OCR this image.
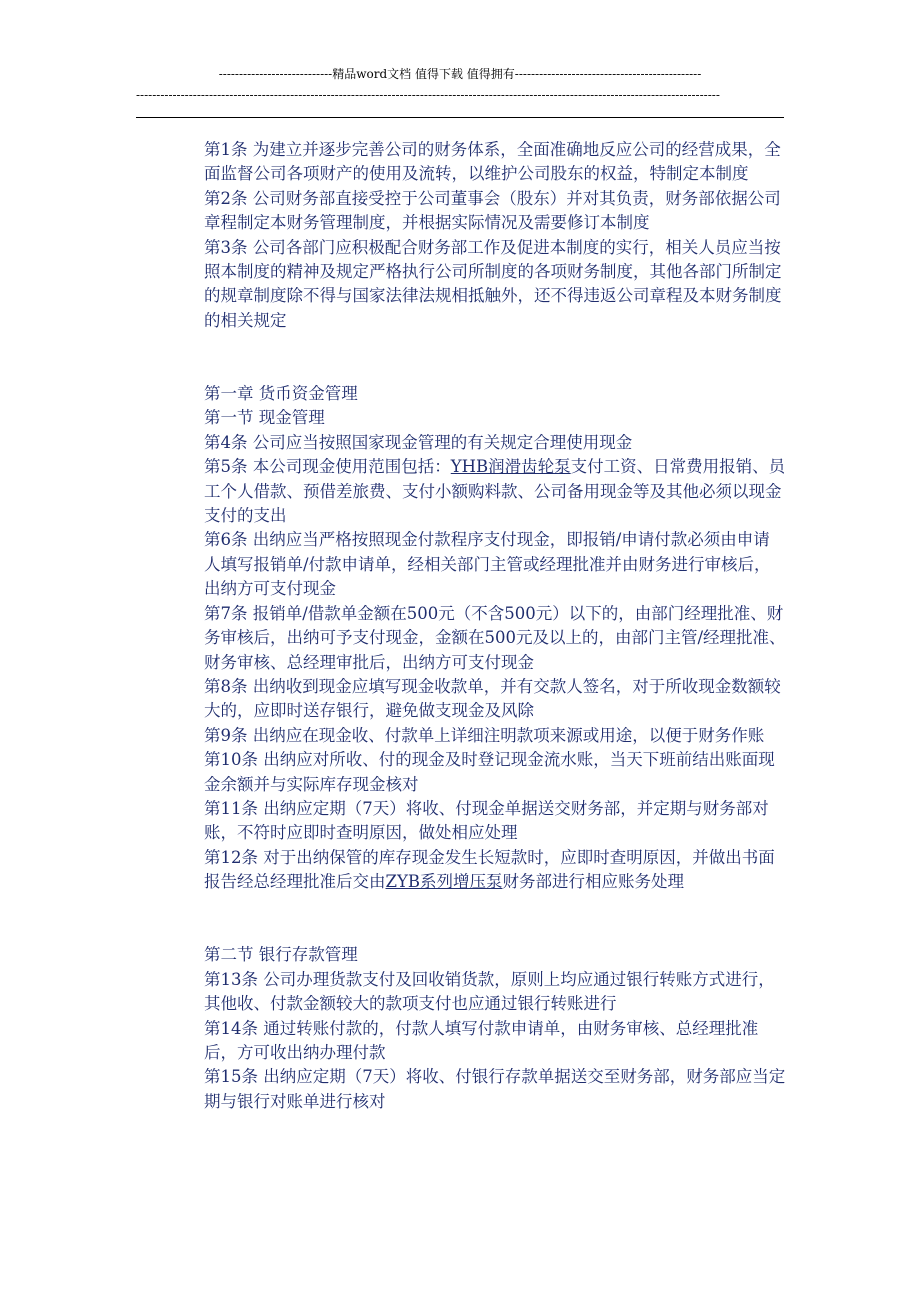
----------------------------精品word文档 值得下载 值得拥有----------------------------------------------
------------------------------------------------------------------------------------------------------------------------------------------------

第1条 为建立并逐步完善公司的财务体系，全面准确地反应公司的经营成果，全面监督公司各项财产的使用及流转，以维护公司股东的权益，特制定本制度

第2条 公司财务部直接受控于公司董事会（股东）并对其负责，财务部依据公司章程制定本财务管理制度，并根据实际情况及需要修订本制度

第3条 公司各部门应积极配合财务部工作及促进本制度的实行，相关人员应当按照本制度的精神及规定严格执行公司所制度的各项财务制度，其他各部门所制定的规章制度除不得与国家法律法规相抵触外，还不得违返公司章程及本财务制度的相关规定

第一章 货币资金管理

第一节 现金管理

第4条 公司应当按照国家现金管理的有关规定合理使用现金

第5条 本公司现金使用范围包括：YHB润滑齿轮泵支付工资、日常费用报销、员工个人借款、预借差旅费、支付小额购料款、公司备用现金等及其他必须以现金支付的支出

第6条 出纳应当严格按照现金付款程序支付现金，即报销/申请付款必须由申请人填写报销单/付款申请单，经相关部门主管或经理批准并由财务进行审核后，出纳方可支付现金

第7条 报销单/借款单金额在500元（不含500元）以下的，由部门经理批准、财务审核后，出纳可予支付现金，金额在500元及以上的，由部门主管/经理批准、财务审核、总经理审批后，出纳方可支付现金

第8条 出纳收到现金应填写现金收款单，并有交款人签名，对于所收现金数额较大的，应即时送存银行，避免做支现金及风除

第9条 出纳应在现金收、付款单上详细注明款项来源或用途，以便于财务作账

第10条 出纳应对所收、付的现金及时登记现金流水账，当天下班前结出账面现金余额并与实际库存现金核对

第11条 出纳应定期（7天）将收、付现金单据送交财务部，并定期与财务部对账，不符时应即时查明原因，做处相应处理

第12条 对于出纳保管的库存现金发生长短款时，应即时查明原因，并做出书面报告经总经理批准后交由ZYB系列增压泵财务部进行相应账务处理

第二节 银行存款管理

第13条 公司办理货款支付及回收销货款，原则上均应通过银行转账方式进行，其他收、付款金额较大的款项支付也应通过银行转账进行

第14条 通过转账付款的，付款人填写付款申请单，由财务审核、总经理批准后，方可收出纳办理付款

第15条 出纳应定期（7天）将收、付银行存款单据送交至财务部，财务部应当定期与银行对账单进行核对
